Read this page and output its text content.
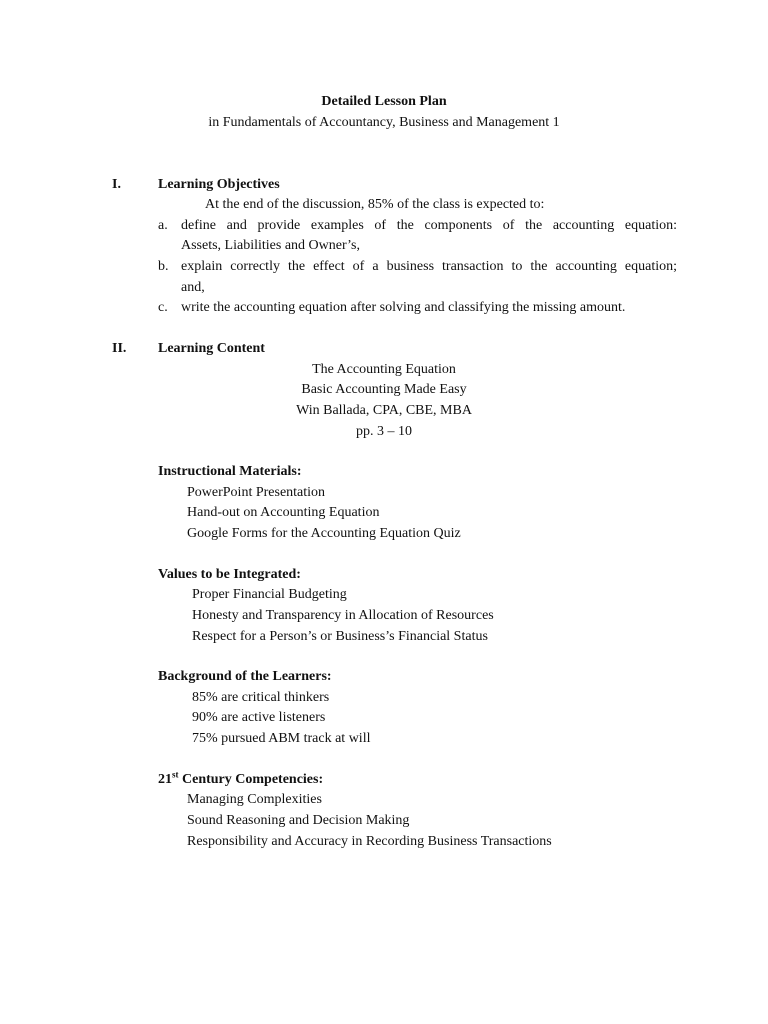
Detailed Lesson Plan
in Fundamentals of Accountancy, Business and Management 1
I.	Learning Objectives
At the end of the discussion, 85% of the class is expected to:
a. define and provide examples of the components of the accounting equation:
Assets, Liabilities and Owner’s,
b. explain correctly the effect of a business transaction to the accounting equation;
and,
c. write the accounting equation after solving and classifying the missing amount.
II. Learning Content
The Accounting Equation
Basic Accounting Made Easy
Win Ballada, CPA, CBE, MBA
pp. 3 – 10
Instructional Materials:
PowerPoint Presentation
Hand-out on Accounting Equation
Google Forms for the Accounting Equation Quiz
Values to be Integrated:
Proper Financial Budgeting
Honesty and Transparency in Allocation of Resources
Respect for a Person’s or Business’s Financial Status
Background of the Learners:
85% are critical thinkers
90% are active listeners
75% pursued ABM track at will
21st Century Competencies:
Managing Complexities
Sound Reasoning and Decision Making
Responsibility and Accuracy in Recording Business Transactions
